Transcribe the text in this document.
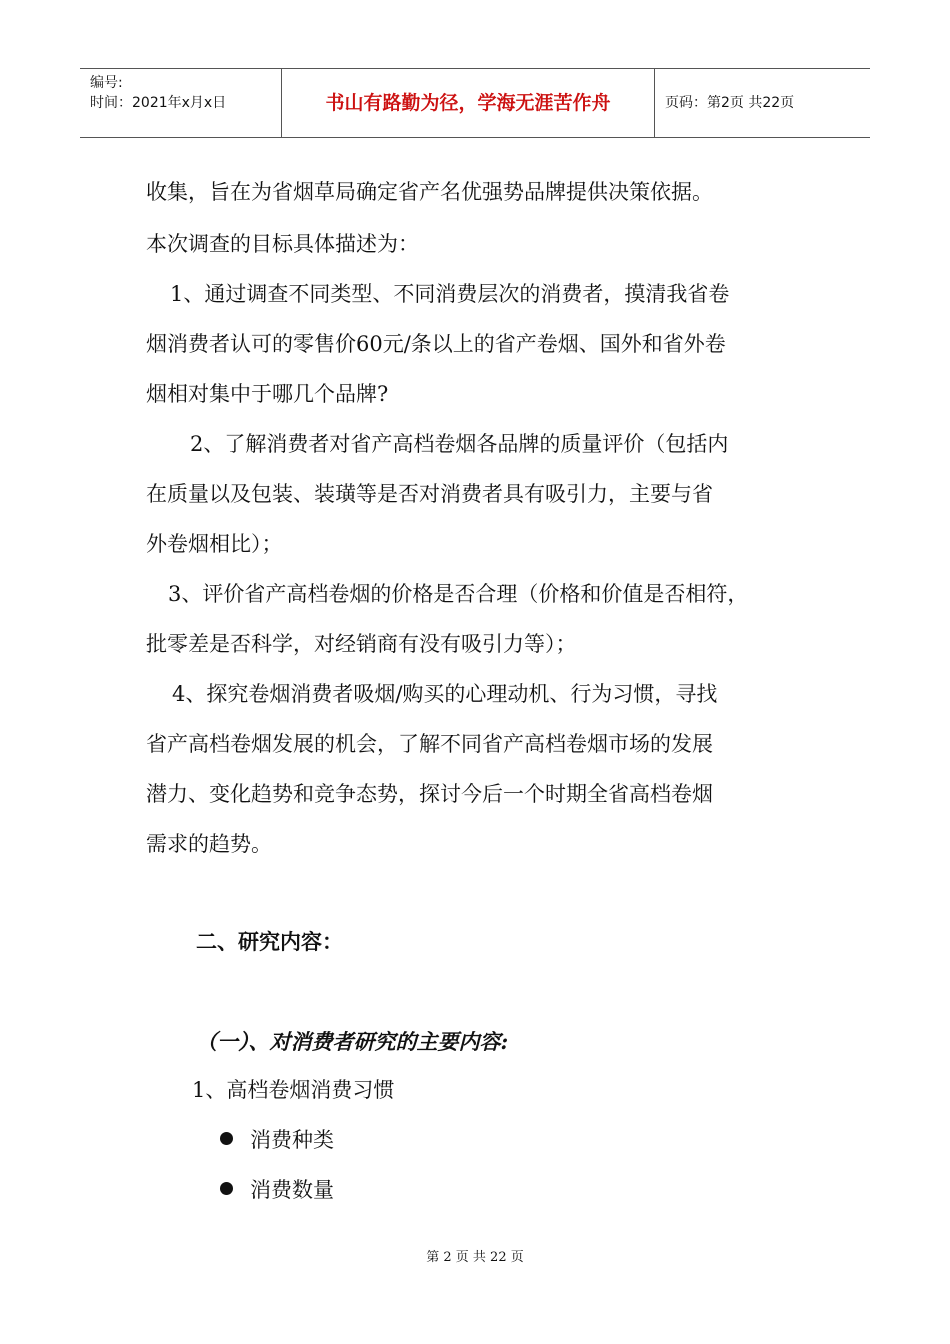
编号:
时间：2021年x月x日	书山有路勤为径，学海无涯苦作舟	页码：第2页 共22页
收集，旨在为省烟草局确定省产名优强势品牌提供决策依据。
本次调查的目标具体描述为：
1、通过调查不同类型、不同消费层次的消费者，摸清我省卷
烟消费者认可的零售价60元/条以上的省产卷烟、国外和省外卷
烟相对集中于哪几个品牌?
2、了解消费者对省产高档卷烟各品牌的质量评价（包括内
在质量以及包装、装璜等是否对消费者具有吸引力，主要与省
外卷烟相比）；
3、评价省产高档卷烟的价格是否合理（价格和价值是否相符，
批零差是否科学，对经销商有没有吸引力等）；
4、探究卷烟消费者吸烟/购买的心理动机、行为习惯，寻找
省产高档卷烟发展的机会，了解不同省产高档卷烟市场的发展
潜力、变化趋势和竞争态势，探讨今后一个时期全省高档卷烟
需求的趋势。
二、研究内容：
（一）、对消费者研究的主要内容:
1、高档卷烟消费习惯
消费种类
消费数量
第 2 页 共 22 页
